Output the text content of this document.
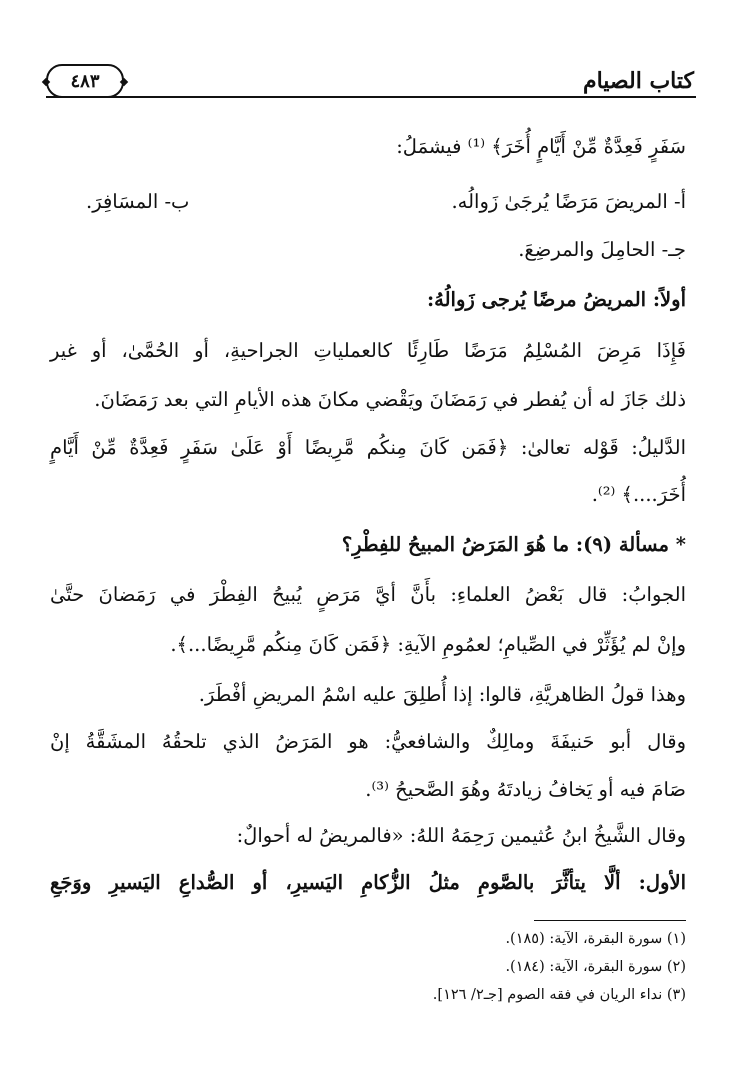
٤٨٣	كتاب الصيام
سَفَرٍ فَعِدَّةٌ مِّنْ أَيَّامٍ أُخَرَ﴾ ⁽¹⁾ فيشمَلُ:
أ- المريضَ مَرَضًا يُرجَىٰ زَوالُه.
ب- المسَافِرَ.
جـ- الحامِلَ والمرضِعَ.
أولاً: المريضُ مرضًا يُرجى زَوالُهُ:
فَإِذَا مَرِضَ المُسْلِمُ مَرَضًا طَارِئًا كالعملياتِ الجراحيةِ، أو الحُمَّىٰ، أو غير
ذلك جَازَ له أن يُفطر في رَمَضَانَ ويَقْضي مكانَ هذه الأيامِ التي بعد رَمَضَانَ.
الدَّليلُ: قَوْله تعالىٰ: ﴿فَمَن كَانَ مِنكُم مَّرِيضًا أَوْ عَلَىٰ سَفَرٍ فَعِدَّةٌ مِّنْ أَيَّامٍ
أُخَرَ....﴾ ⁽²⁾.
* مسألة (٩): ما هُوَ المَرَضُ المبيحُ للفِطْرِ؟
الجوابُ: قال بَعْضُ العلماءِ: بأَنَّ أيَّ مَرَضٍ يُبيحُ الفِطْرَ في رَمَضانَ حتَّىٰ
وإنْ لم يُؤَثِّرْ في الصِّيامِ؛ لعمُومِ الآيةِ: ﴿فَمَن كَانَ مِنكُم مَّرِيضًا...﴾.
وهذا قولُ الظاهريَّةِ، قالوا: إذا أُطلِقَ عليه اسْمُ المريضِ أفْطَرَ.
وقال أبو حَنيفَةَ ومالِكٌ والشافعيُّ: هو المَرَضُ الذي تلحقُهُ المشَقَّةُ إنْ
صَامَ فيه أو يَخافُ زيادتَهُ وهُوَ الصَّحيحُ ⁽³⁾.
وقال الشَّيخُ ابنُ عُثيمين رَحِمَهُ اللهُ: «فالمريضُ له أحوالٌ:
الأول: ألَّا يتأثَّرَ بالصَّومِ مثلُ الزُّكامِ اليَسيرِ، أو الصُّداعِ اليَسيرِ ووَجَعِ
(١) سورة البقرة، الآية: (١٨٥).
(٢) سورة البقرة، الآية: (١٨٤).
(٣) نداء الريان في فقه الصوم [جـ٢/ ١٢٦].
